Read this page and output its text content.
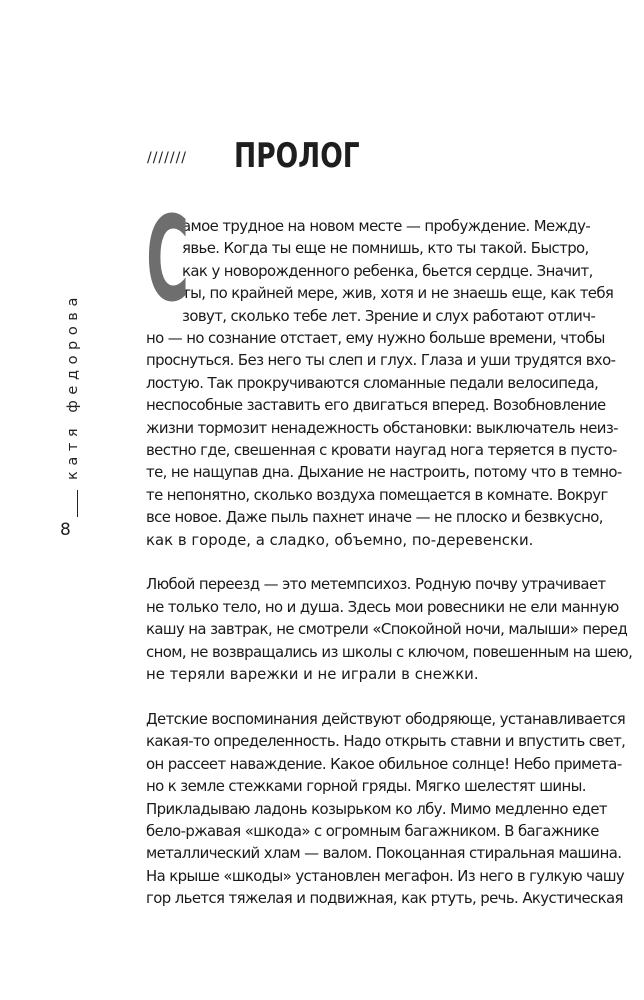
/////// ПРОЛОГ
катя федорова
8
С
амое трудное на новом месте — пробуждение. Между-
явье. Когда ты еще не помнишь, кто ты такой. Быстро,
как у новорожденного ребенка, бьется сердце. Значит,
ты, по крайней мере, жив, хотя и не знаешь еще, как тебя
зовут, сколько тебе лет. Зрение и слух работают отлич-
но — но сознание отстает, ему нужно больше времени, чтобы
проснуться. Без него ты слеп и глух. Глаза и уши трудятся вхо-
лостую. Так прокручиваются сломанные педали велосипеда,
неспособные заставить его двигаться вперед. Возобновление
жизни тормозит ненадежность обстановки: выключатель неиз-
вестно где, свешенная с кровати наугад нога теряется в пусто-
те, не нащупав дна. Дыхание не настроить, потому что в темно-
те непонятно, сколько воздуха помещается в комнате. Вокруг
все новое. Даже пыль пахнет иначе — не плоско и безвкусно,
как в городе, а сладко, объемно, по-деревенски.
Любой переезд — это метемпсихоз. Родную почву утрачивает
не только тело, но и душа. Здесь мои ровесники не ели манную
кашу на завтрак, не смотрели «Спокойной ночи, малыши» перед
сном, не возвращались из школы с ключом, повешенным на шею,
не теряли варежки и не играли в снежки.
Детские воспоминания действуют ободряюще, устанавливается
какая-то определенность. Надо открыть ставни и впустить свет,
он рассеет наваждение. Какое обильное солнце! Небо примета-
но к земле стежками горной гряды. Мягко шелестят шины.
Прикладываю ладонь козырьком ко лбу. Мимо медленно едет
бело-ржавая «шкода» с огромным багажником. В багажнике
металлический хлам — валом. Покоцанная стиральная машина.
На крыше «шкоды» установлен мегафон. Из него в гулкую чашу
гор льется тяжелая и подвижная, как ртуть, речь. Акустическая
